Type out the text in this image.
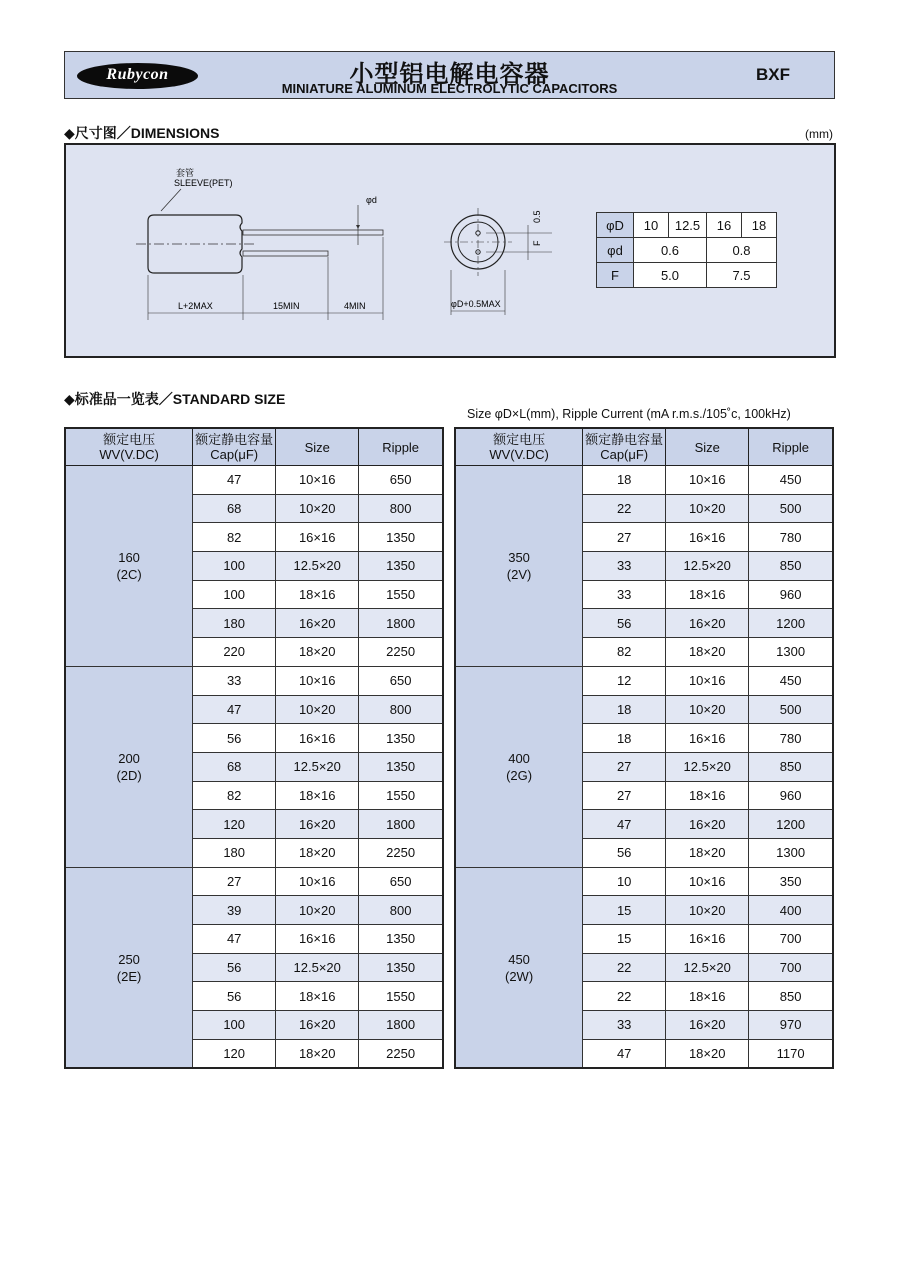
Rubycon	小型铝电解电容器
MINIATURE ALUMINUM ELECTROLYTIC CAPACITORS
BXF
◆尺寸图／DIMENSIONS	(mm)
套管
SLEEVE(PET)
φd
L+2MAX	15MIN	4MIN
F
0.5
φD+0.5MAX
φD	10	12.5	16	18
φd	0.6		0.8	
F	5.0		7.5	
◆标准品一览表／STANDARD SIZE
Size φD×L(mm), Ripple Current (mA r.m.s./105˚c, 100kHz)
额定电压
WV(V.DC)	额定静电容量
Cap(μF)	Size	Ripple
160
(2C)	47	10×16	650
	68	10×20	800
	82	16×16	1350
	100	12.5×20	1350
	100	18×16	1550
	180	16×20	1800
	220	18×20	2250
200
(2D)	33	10×16	650
	47	10×20	800
	56	16×16	1350
	68	12.5×20	1350
	82	18×16	1550
	120	16×20	1800
	180	18×20	2250
250
(2E)	27	10×16	650
	39	10×20	800
	47	16×16	1350
	56	12.5×20	1350
	56	18×16	1550
	100	16×20	1800
	120	18×20	2250
额定电压
WV(V.DC)	额定静电容量
Cap(μF)	Size	Ripple
350
(2V)	18	10×16	450
	22	10×20	500
	27	16×16	780
	33	12.5×20	850
	33	18×16	960
	56	16×20	1200
	82	18×20	1300
400
(2G)	12	10×16	450
	18	10×20	500
	18	16×16	780
	27	12.5×20	850
	27	18×16	960
	47	16×20	1200
	56	18×20	1300
450
(2W)	10	10×16	350
	15	10×20	400
	15	16×16	700
	22	12.5×20	700
	22	18×16	850
	33	16×20	970
	47	18×20	1170
